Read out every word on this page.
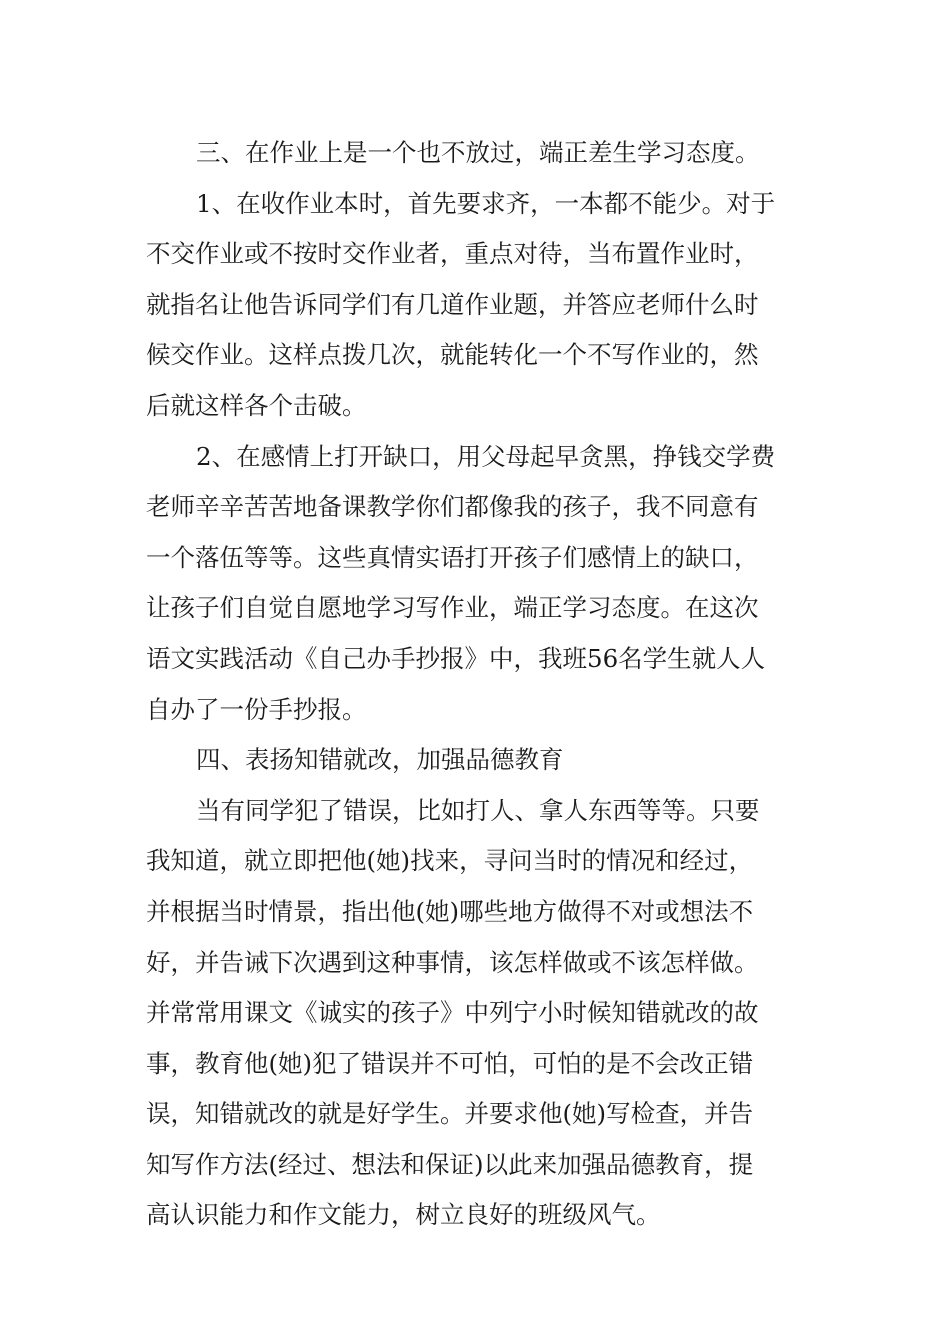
三、在作业上是一个也不放过，端正差生学习态度。
1、在收作业本时，首先要求齐，一本都不能少。对于
不交作业或不按时交作业者，重点对待，当布置作业时，
就指名让他告诉同学们有几道作业题，并答应老师什么时
候交作业。这样点拨几次，就能转化一个不写作业的，然
后就这样各个击破。
2、在感情上打开缺口，用父母起早贪黑，挣钱交学费
老师辛辛苦苦地备课教学你们都像我的孩子，我不同意有
一个落伍等等。这些真情实语打开孩子们感情上的缺口，
让孩子们自觉自愿地学习写作业，端正学习态度。在这次
语文实践活动《自己办手抄报》中，我班56名学生就人人
自办了一份手抄报。
四、表扬知错就改，加强品德教育
当有同学犯了错误，比如打人、拿人东西等等。只要
我知道，就立即把他(她)找来，寻问当时的情况和经过，
并根据当时情景，指出他(她)哪些地方做得不对或想法不
好，并告诫下次遇到这种事情，该怎样做或不该怎样做。
并常常用课文《诚实的孩子》中列宁小时候知错就改的故
事，教育他(她)犯了错误并不可怕，可怕的是不会改正错
误，知错就改的就是好学生。并要求他(她)写检查，并告
知写作方法(经过、想法和保证)以此来加强品德教育，提
高认识能力和作文能力，树立良好的班级风气。
